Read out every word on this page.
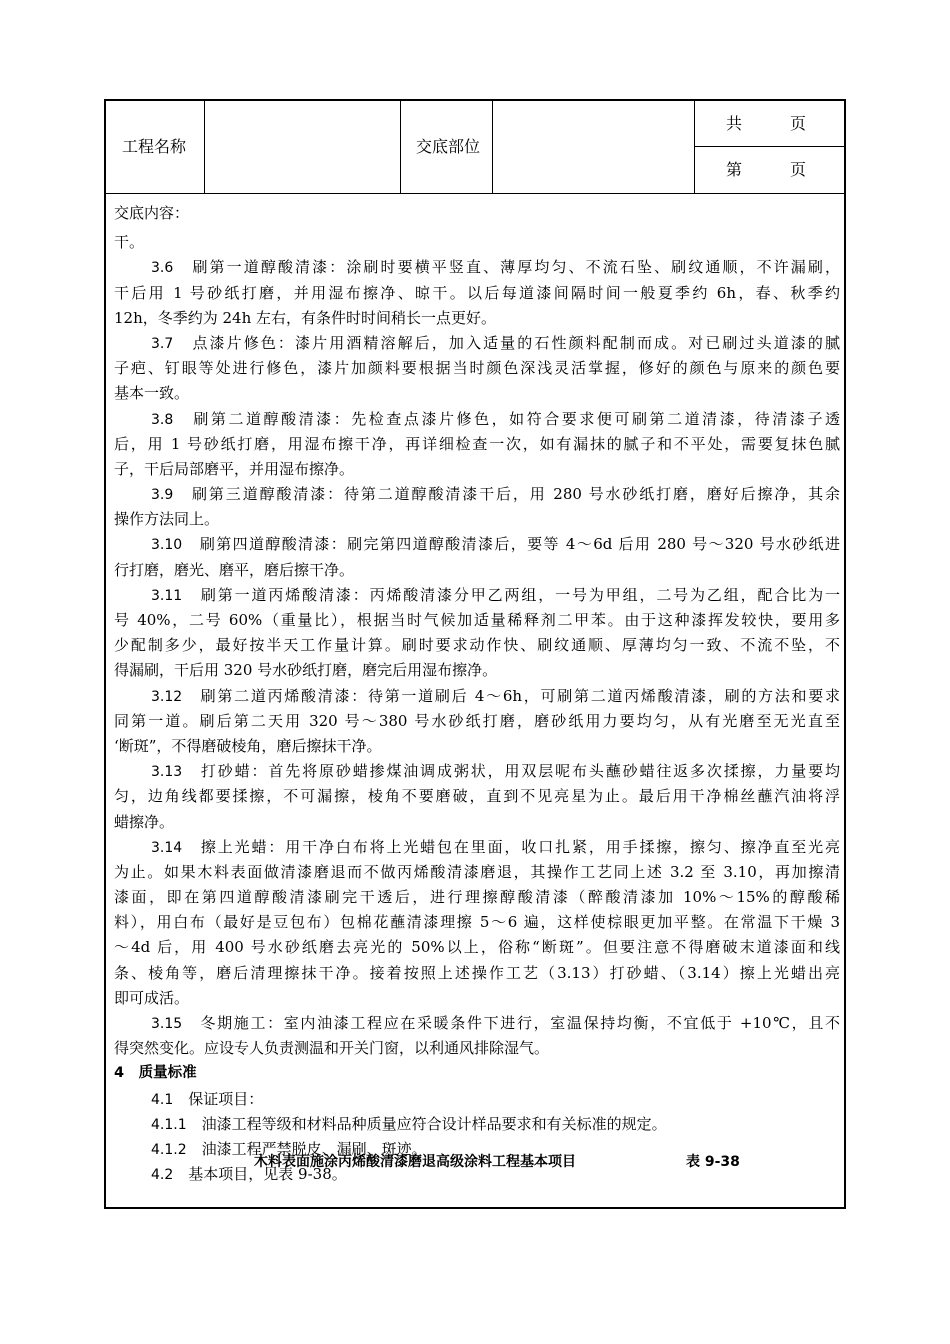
工程名称	交底部位
共　　　页
第　　　页
交底内容：
干。
3.6　刷第一道醇酸清漆：涂刷时要横平竖直、薄厚均匀、不流石坠、刷纹通顺，不许漏刷，
干后用 1 号砂纸打磨，并用湿布擦净、晾干。以后每道漆间隔时间一般夏季约 6h，春、秋季约
12h，冬季约为 24h 左右，有条件时时间稍长一点更好。
3.7　点漆片修色：漆片用酒精溶解后，加入适量的石性颜料配制而成。对已刷过头道漆的腻
子疤、钉眼等处进行修色，漆片加颜料要根据当时颜色深浅灵活掌握，修好的颜色与原来的颜色要
基本一致。
3.8　刷第二道醇酸清漆：先检查点漆片修色，如符合要求便可刷第二道清漆，待清漆子透
后，用 1 号砂纸打磨，用湿布擦干净，再详细检查一次，如有漏抹的腻子和不平处，需要复抹色腻
子，干后局部磨平，并用湿布擦净。
3.9　刷第三道醇酸清漆：待第二道醇酸清漆干后，用 280 号水砂纸打磨，磨好后擦净，其余
操作方法同上。
3.10　刷第四道醇酸清漆：刷完第四道醇酸清漆后，要等 4～6d 后用 280 号～320 号水砂纸进
行打磨，磨光、磨平，磨后擦干净。
3.11　刷第一道丙烯酸清漆：丙烯酸清漆分甲乙两组，一号为甲组，二号为乙组，配合比为一
号 40%，二号 60%（重量比），根据当时气候加适量稀释剂二甲苯。由于这种漆挥发较快，要用多
少配制多少，最好按半天工作量计算。刷时要求动作快、刷纹通顺、厚薄均匀一致、不流不坠，不
得漏刷，干后用 320 号水砂纸打磨，磨完后用湿布擦净。
3.12　刷第二道丙烯酸清漆：待第一道刷后 4～6h，可刷第二道丙烯酸清漆，刷的方法和要求
同第一道。刷后第二天用 320 号～380 号水砂纸打磨，磨砂纸用力要均匀，从有光磨至无光直至
‘断斑”，不得磨破棱角，磨后擦抹干净。
3.13　打砂蜡：首先将原砂蜡掺煤油调成粥状，用双层呢布头蘸砂蜡往返多次揉擦，力量要均
匀，边角线都要揉擦，不可漏擦，棱角不要磨破，直到不见亮星为止。最后用干净棉丝蘸汽油将浮
蜡擦净。
3.14　擦上光蜡：用干净白布将上光蜡包在里面，收口扎紧，用手揉擦，擦匀、擦净直至光亮
为止。如果木料表面做清漆磨退而不做丙烯酸清漆磨退，其操作工艺同上述 3.2 至 3.10，再加擦清
漆面，即在第四道醇酸清漆刷完干透后，进行理擦醇酸清漆（醉酸清漆加 10%～15%的醇酸稀
料），用白布（最好是豆包布）包棉花蘸清漆理擦 5～6 遍，这样使棕眼更加平整。在常温下干燥 3
～4d 后，用 400 号水砂纸磨去亮光的 50%以上，俗称“断斑”。但要注意不得磨破末道漆面和线
条、棱角等，磨后清理擦抹干净。接着按照上述操作工艺（3.13）打砂蜡、（3.14）擦上光蜡出亮
即可成活。
3.15　冬期施工：室内油漆工程应在采暖条件下进行，室温保持均衡，不宜低于 +10℃，且不
得突然变化。应设专人负责测温和开关门窗，以利通风排除湿气。
4　质量标准
4.1　保证项目：
4.1.1　油漆工程等级和材料品种质量应符合设计样品要求和有关标准的规定。
4.1.2　油漆工程严禁脱皮、漏刷、斑迹。
4.2　基本项目，见表 9-38。
木料表面施涂丙烯酸清漆磨退高级涂料工程基本项目	表 9-38
